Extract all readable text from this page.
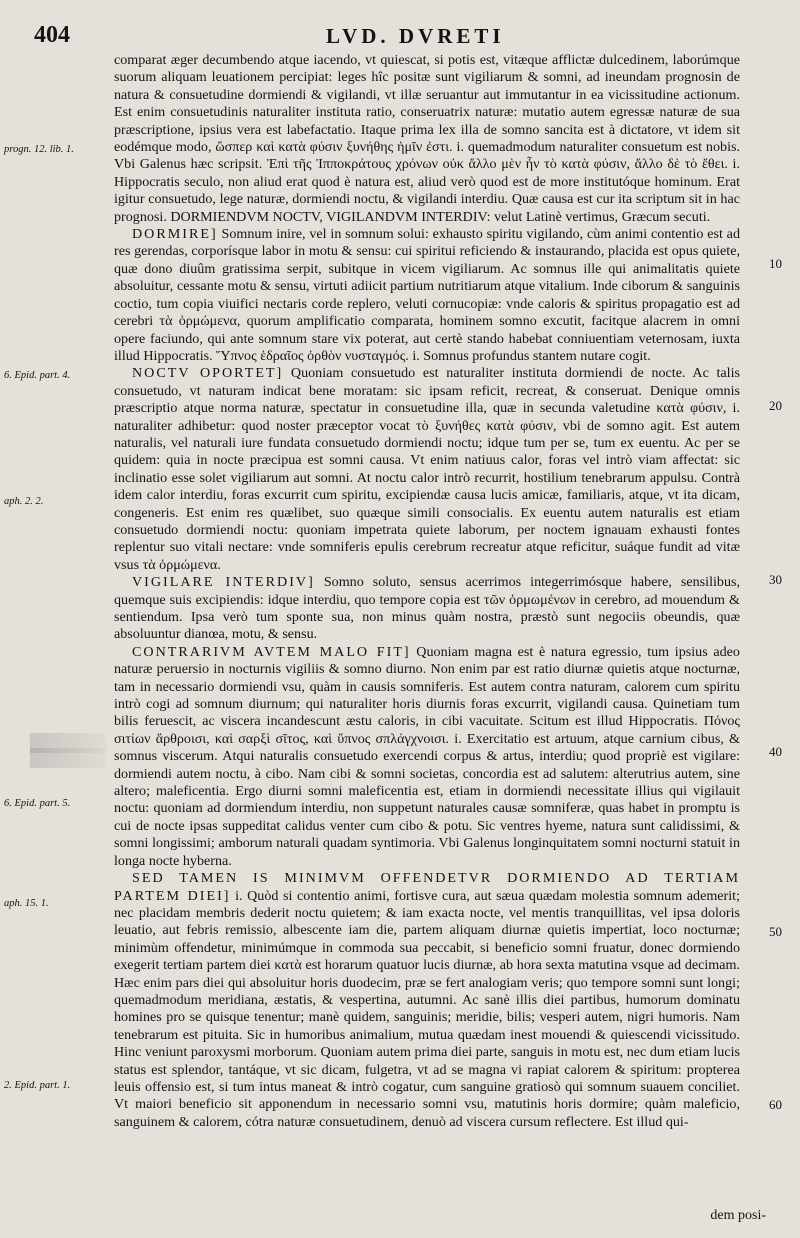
404	LVD. DVRETI
progn. 12. lib. 1.
6. Epid. part. 4.
aph. 2. 2.
6. Epid. part. 5.
aph. 15. 1.
2. Epid. part. 1.
10
20
30
40
50
60

comparat æger decumbendo atque iacendo, vt quiescat, si potis est, vitæque afflictæ dulcedinem, laborúmque suorum aliquam leuationem percipiat: leges hîc positæ sunt vigiliarum & somni, ad ineundam prognosin de natura & consuetudine dormiendi & vigilandi, vt illæ seruantur aut immutantur in ea vicissitudine actionum. Est enim consuetudinis naturaliter instituta ratio, conseruatrix naturæ: mutatio autem egressæ naturæ de sua præscriptione, ipsius vera est labefactatio. Itaque prima lex illa de somno sancita est à dictatore, vt idem sit eodémque modo, ὥσπερ καὶ κατὰ φύσιν ξυνήθης ἡμῖν ἐστι. i. quemadmodum naturaliter consuetum est nobis. Vbi Galenus hæc scripsit. Ἐπὶ τῆς Ἱπποκράτους χρόνων οὐκ ἄλλο μὲν ἦν τὸ κατὰ φύσιν, ἄλλο δὲ τὸ ἔθει. i. Hippocratis seculo, non aliud erat quod è natura est, aliud verò quod est de more institutóque hominum. Erat igitur consuetudo, lege naturæ, dormiendi noctu, & vigilandi interdiu. Quæ causa est cur ita scriptum sit in hac prognosi. DORMIENDVM NOCTV, VIGILANDVM INTERDIV: velut Latinè vertimus, Græcum secuti.

DORMIRE] Somnum inire, vel in somnum solui: exhausto spiritu vigilando, cùm animi contentio est ad res gerendas, corporísque labor in motu & sensu: cui spiritui reficiendo & instaurando, placida est opus quiete, quæ dono diuûm gratissima serpit, subitque in vicem vigiliarum. Ac somnus ille qui animalitatis quiete absoluitur, cessante motu & sensu, virtuti adiicit partium nutritiarum atque vitalium. Inde ciborum & sanguinis coctio, tum copia viuifici nectaris corde replero, veluti cornucopiæ: vnde caloris & spiritus propagatio est ad cerebri τὰ ὁρμώμενα, quorum amplificatio comparata, hominem somno excutit, facitque alacrem in omni opere faciundo, qui ante somnum stare vix poterat, aut certè stando habebat conniuentiam veternosam, iuxta illud Hippocratis. Ὕπνος ἑδραῖος ὀρθὸν νυσταγμός. i. Somnus profundus stantem nutare cogit.

NOCTV OPORTET] Quoniam consuetudo est naturaliter instituta dormiendi de nocte. Ac talis consuetudo, vt naturam indicat bene moratam: sic ipsam reficit, recreat, & conseruat. Denique omnis præscriptio atque norma naturæ, spectatur in consuetudine illa, quæ in secunda valetudine κατὰ φύσιν, i. naturaliter adhibetur: quod noster præceptor vocat τὸ ξυνήθες κατὰ φύσιν, vbi de somno agit. Est autem naturalis, vel naturali iure fundata consuetudo dormiendi noctu; idque tum per se, tum ex euentu. Ac per se quidem: quia in nocte præcipua est somni causa. Vt enim natiuus calor, foras vel intrò viam affectat: sic inclinatio esse solet vigiliarum aut somni. At noctu calor intrò recurrit, hostilium tenebrarum appulsu. Contrà idem calor interdiu, foras excurrit cum spiritu, excipiendæ causa lucis amicæ, familiaris, atque, vt ita dicam, congeneris. Est enim res quælibet, suo quæque simili consocialis. Ex euentu autem naturalis est etiam consuetudo dormiendi noctu: quoniam impetrata quiete laborum, per noctem ignauam exhausti fontes replentur suo vitali nectare: vnde somniferis epulis cerebrum recreatur atque reficitur, suáque fundit ad vitæ vsus τὰ ὁρμώμενα.

VIGILARE INTERDIV] Somno soluto, sensus acerrimos integerrimósque habere, sensilibus, quemque suis excipiendis: idque interdiu, quo tempore copia est τῶν ὁρμωμένων in cerebro, ad mouendum & sentiendum. Ipsa verò tum sponte sua, non minus quàm nostra, præstò sunt negociis obeundis, quæ absoluuntur dianœa, motu, & sensu.

CONTRARIVM AVTEM MALO FIT] Quoniam magna est è natura egressio, tum ipsius adeo naturæ peruersio in nocturnis vigiliis & somno diurno. Non enim par est ratio diurnæ quietis atque nocturnæ, tam in necessario dormiendi vsu, quàm in causis somniferis. Est autem contra naturam, calorem cum spiritu intrò cogi ad somnum diurnum; qui naturaliter horis diurnis foras excurrit, vigilandi causa. Quinetiam tum bilis feruescit, ac viscera incandescunt æstu caloris, in cibi vacuitate. Scitum est illud Hippocratis. Πόνος σιτίων ἄρθροισι, καὶ σαρξὶ σῖτος, καὶ ὕπνος σπλάγχνοισι. i. Exercitatio est artuum, atque carnium cibus, & somnus viscerum. Atqui naturalis consuetudo exercendi corpus & artus, interdiu; quod propriè est vigilare: dormiendi autem noctu, à cibo. Nam cibi & somni societas, concordia est ad salutem: alterutrius autem, sine altero; maleficentia. Ergo diurni somni maleficentia est, etiam in dormiendi necessitate illius qui vigilauit noctu: quoniam ad dormiendum interdiu, non suppetunt naturales causæ somniferæ, quas habet in promptu is cui de nocte ipsas suppeditat calidus venter cum cibo & potu. Sic ventres hyeme, natura sunt calidissimi, & somni longissimi; amborum naturali quadam syntimoria. Vbi Galenus longinquitatem somni nocturni statuit in longa nocte hyberna.

SED TAMEN IS MINIMVM OFFENDETVR DORMIENDO AD TERTIAM PARTEM DIEI] i. Quòd si contentio animi, fortisve cura, aut sæua quædam molestia somnum ademerit; nec placidam membris dederit noctu quietem; & iam exacta nocte, vel mentis tranquillitas, vel ipsa doloris leuatio, aut febris remissio, albescente iam die, partem aliquam diurnæ quietis impertiat, loco nocturnæ; minimùm offendetur, minimúmque in commoda sua peccabit, si beneficio somni fruatur, donec dormiendo exegerit tertiam partem diei κατὰ est horarum quatuor lucis diurnæ, ab hora sexta matutina vsque ad decimam. Hæc enim pars diei qui absoluitur horis duodecim, præ se fert analogiam veris; quo tempore somni sunt longi; quemadmodum meridiana, æstatis, & vespertina, autumni. Ac sanè illis diei partibus, humorum dominatu homines pro se quisque tenentur; manè quidem, sanguinis; meridie, bilis; vesperi autem, nigri humoris. Nam tenebrarum est pituita. Sic in humoribus animalium, mutua quædam inest mouendi & quiescendi vicissitudo. Hinc veniunt paroxysmi morborum. Quoniam autem prima diei parte, sanguis in motu est, nec dum etiam lucis status est splendor, tantáque, vt sic dicam, fulgetra, vt ad se magna vi rapiat calorem & spiritum: propterea leuis offensio est, si tum intus maneat & intrò cogatur, cum sanguine gratiosò qui somnum suauem conciliet. Vt maiori beneficio sit apponendum in necessario somni vsu, matutinis horis dormire; quàm maleficio, sanguinem & calorem, cótra naturæ consuetudinem, denuò ad viscera cursum reflectere. Est illud qui-

dem posi-
